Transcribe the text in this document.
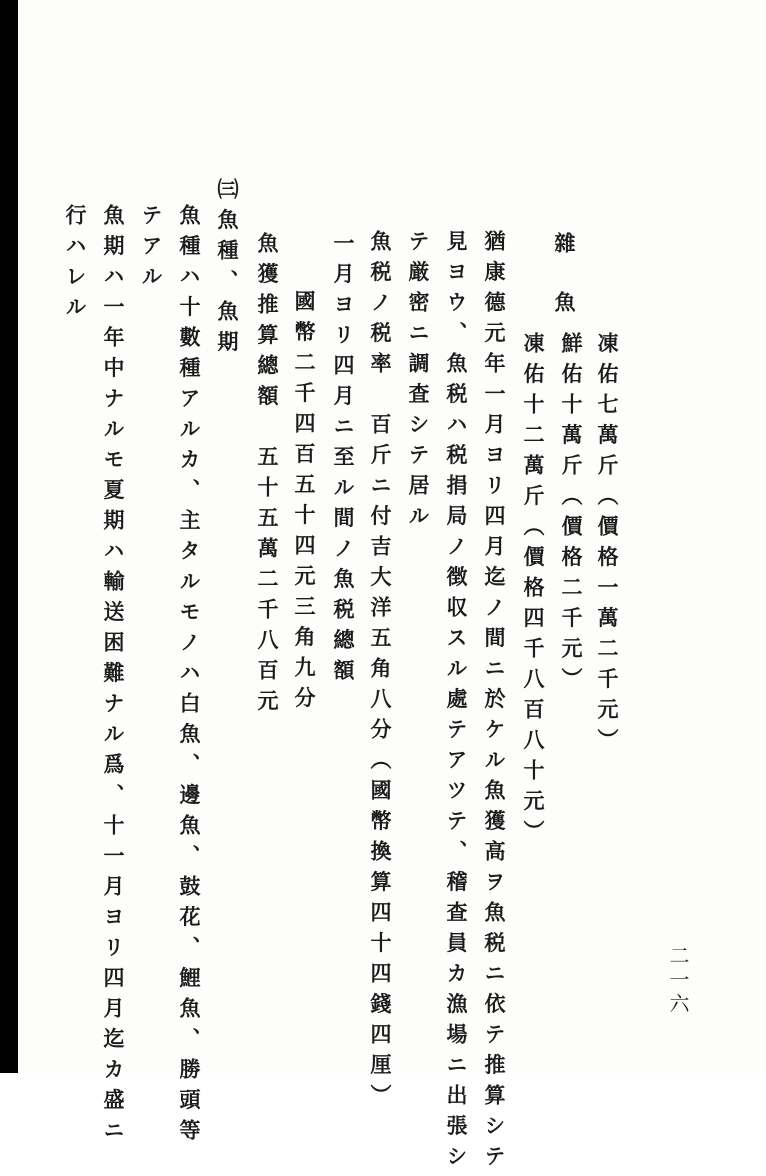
凍佑七萬斤（價格一萬二千元）
鮮佑十萬斤（價格二千元）
凍佑十二萬斤（價格四千八百八十元）
雜魚
猶康德元年一月ヨリ四月迄ノ間ニ於ケル魚獲高ヲ魚税ニ依テ推算シテ
見ヨウ、魚税ハ税捐局ノ徴収スル處テアツテ、稽查員カ漁場ニ出張シ
テ厳密ニ調査シテ居ル
魚税ノ税率　百斤ニ付吉大洋五角八分（國幣換算四十四錢四厘）
一月ヨリ四月ニ至ル間ノ魚税總額
國幣二千四百五十四元三角九分
魚獲推算總額　五十五萬二千八百元
㈢魚種、魚期
魚種ハ十數種アルカ、主タルモノハ白魚、邊魚、鼓花、鯉魚、勝頭等
テアル
魚期ハ一年中ナルモ夏期ハ輸送困難ナル爲、十一月ヨリ四月迄カ盛ニ
行ハレル
二一六
